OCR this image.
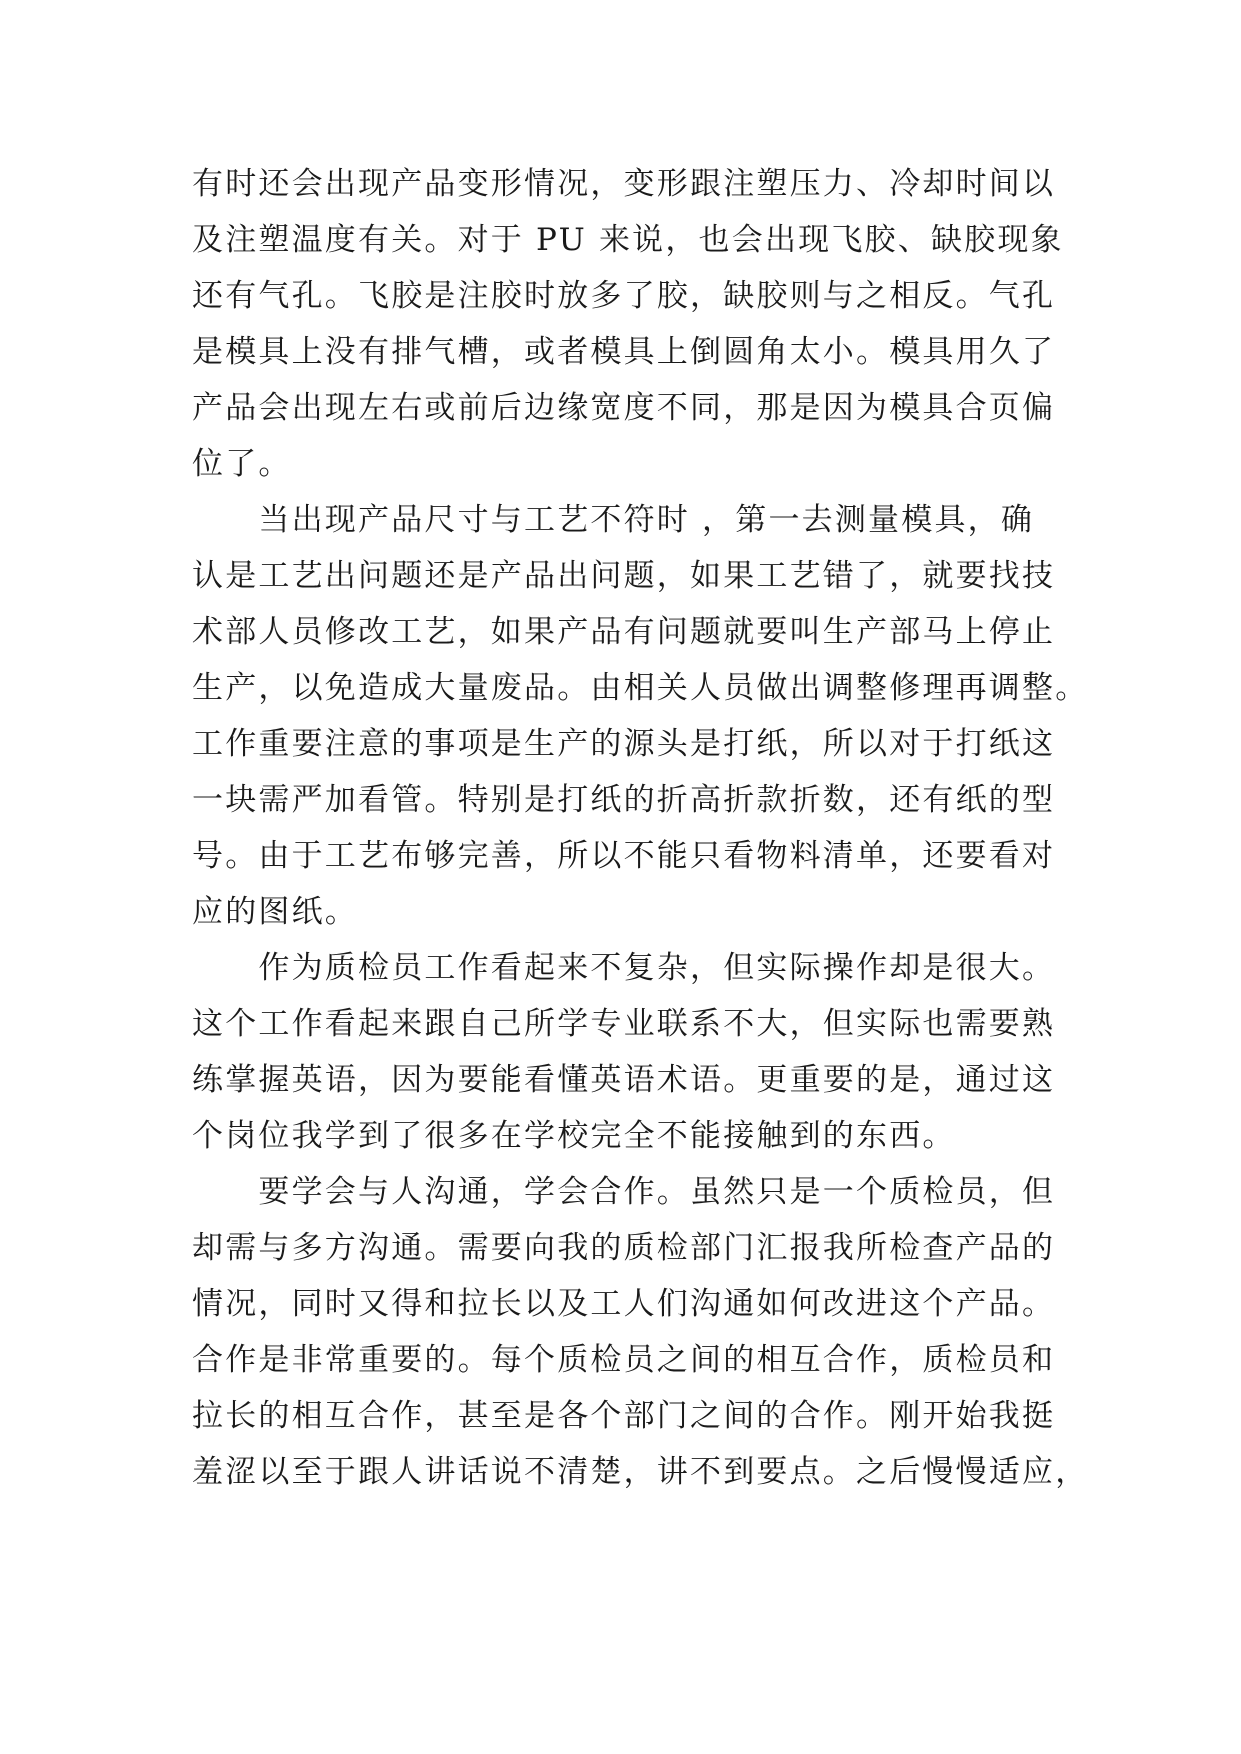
有时还会出现产品变形情况，变形跟注塑压力、冷却时间以
及注塑温度有关。对于 PU 来说，也会出现飞胶、缺胶现象
还有气孔。飞胶是注胶时放多了胶，缺胶则与之相反。气孔
是模具上没有排气槽，或者模具上倒圆角太小。模具用久了
产品会出现左右或前后边缘宽度不同，那是因为模具合页偏
位了。
　　当出现产品尺寸与工艺不符时 ，第一去测量模具，确
认是工艺出问题还是产品出问题，如果工艺错了，就要找技
术部人员修改工艺，如果产品有问题就要叫生产部马上停止
生产，以免造成大量废品。由相关人员做出调整修理再调整。
工作重要注意的事项是生产的源头是打纸，所以对于打纸这
一块需严加看管。特别是打纸的折高折款折数，还有纸的型
号。由于工艺布够完善，所以不能只看物料清单，还要看对
应的图纸。
　　作为质检员工作看起来不复杂，但实际操作却是很大。
这个工作看起来跟自己所学专业联系不大，但实际也需要熟
练掌握英语，因为要能看懂英语术语。更重要的是，通过这
个岗位我学到了很多在学校完全不能接触到的东西。
　　要学会与人沟通，学会合作。虽然只是一个质检员，但
却需与多方沟通。需要向我的质检部门汇报我所检查产品的
情况，同时又得和拉长以及工人们沟通如何改进这个产品。
合作是非常重要的。每个质检员之间的相互合作，质检员和
拉长的相互合作，甚至是各个部门之间的合作。刚开始我挺
羞涩以至于跟人讲话说不清楚，讲不到要点。之后慢慢适应，
